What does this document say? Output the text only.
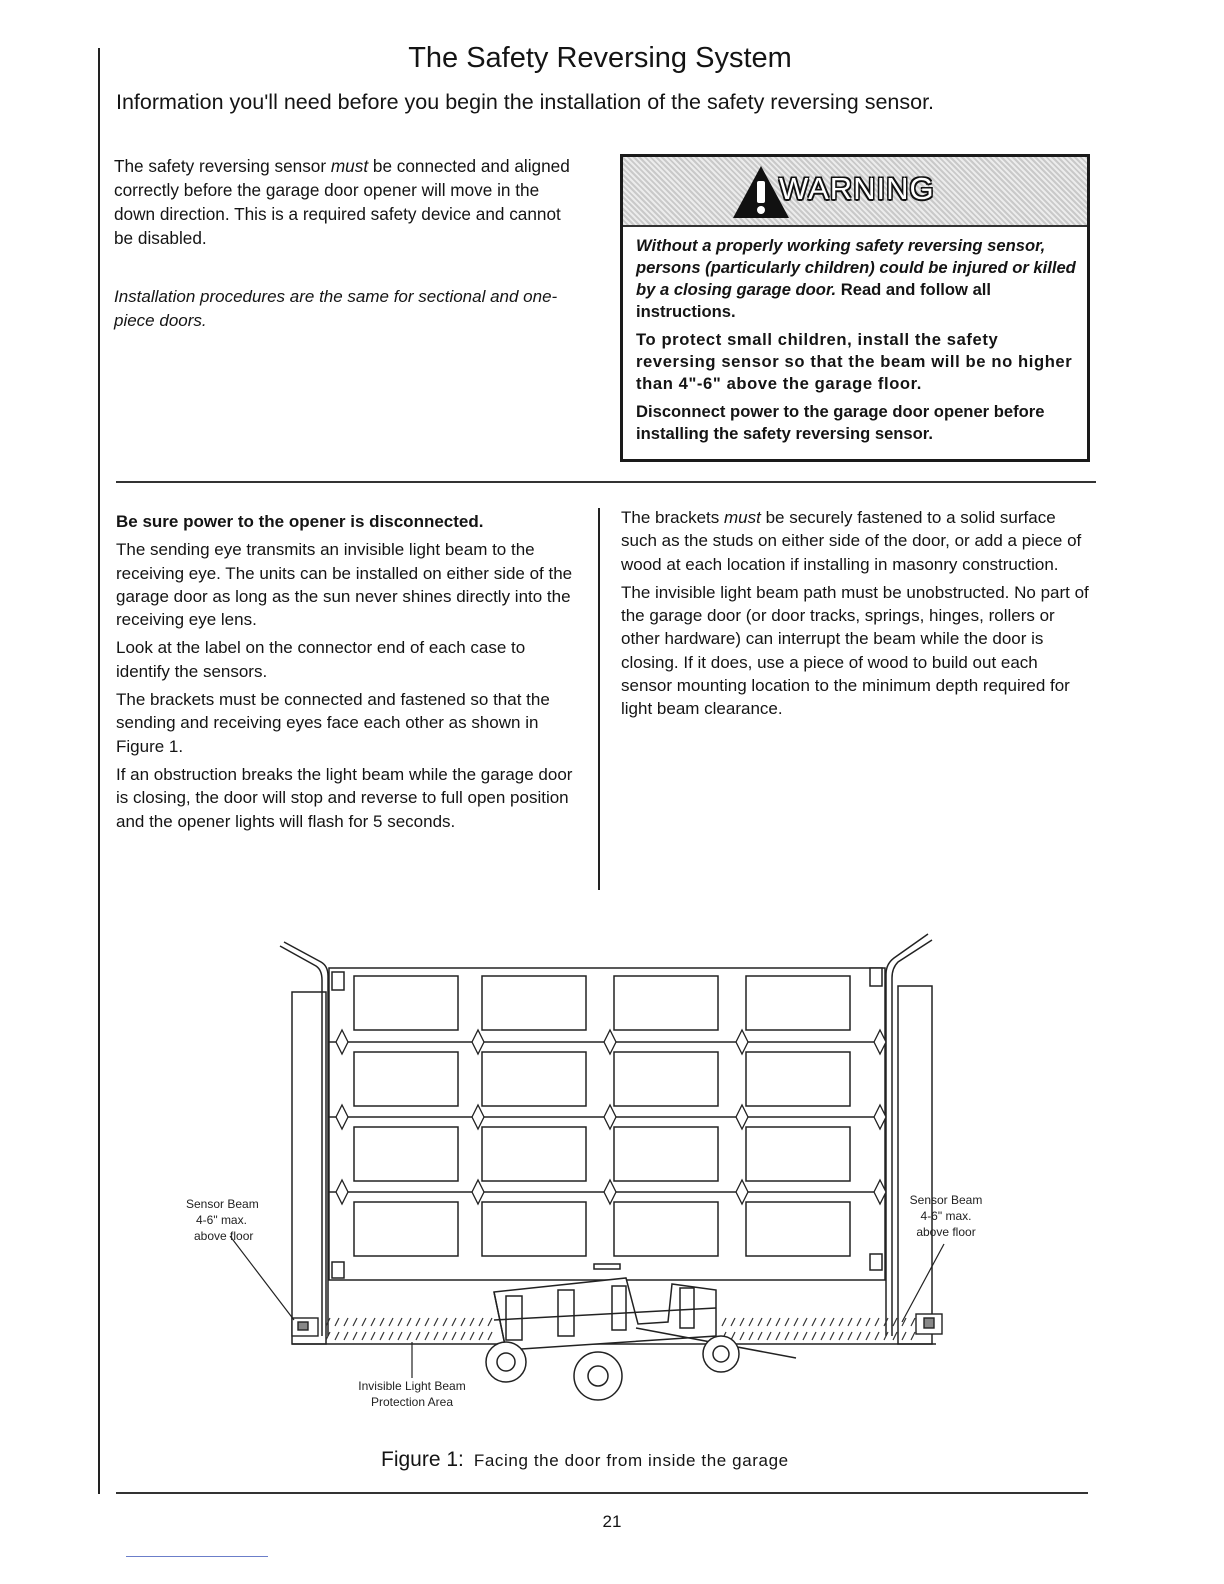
The Safety Reversing System
Information you'll need before you begin the installation of the safety reversing sensor.

The safety reversing sensor must be connected and aligned correctly before the garage door opener will move in the down direction. This is a required safety device and cannot be disabled.

Installation procedures are the same for sectional and one-piece doors.

WARNING

Without a properly working safety reversing sensor, persons (particularly children) could be injured or killed by a closing garage door. Read and follow all instructions.

To protect small children, install the safety reversing sensor so that the beam will be no higher than 4"-6" above the garage floor.

Disconnect power to the garage door opener before installing the safety reversing sensor.

Be sure power to the opener is disconnected.

The sending eye transmits an invisible light beam to the receiving eye. The units can be installed on either side of the garage door as long as the sun never shines directly into the receiving eye lens.

Look at the label on the connector end of each case to identify the sensors.

The brackets must be connected and fastened so that the sending and receiving eyes face each other as shown in Figure 1.

If an obstruction breaks the light beam while the garage door is closing, the door will stop and reverse to full open position and the opener lights will flash for 5 seconds.

The brackets must be securely fastened to a solid surface such as the studs on either side of the door, or add a piece of wood at each location if installing in masonry construction.

The invisible light beam path must be unobstructed. No part of the garage door (or door tracks, springs, hinges, rollers or other hardware) can interrupt the beam while the door is closing. If it does, use a piece of wood to build out each sensor mounting location to the minimum depth required for light beam clearance.

Sensor Beam
4-6" max.
above floor
Sensor Beam
4-6" max.
above floor
Invisible Light Beam
Protection Area
Figure 1: Facing the door from inside the garage
21
